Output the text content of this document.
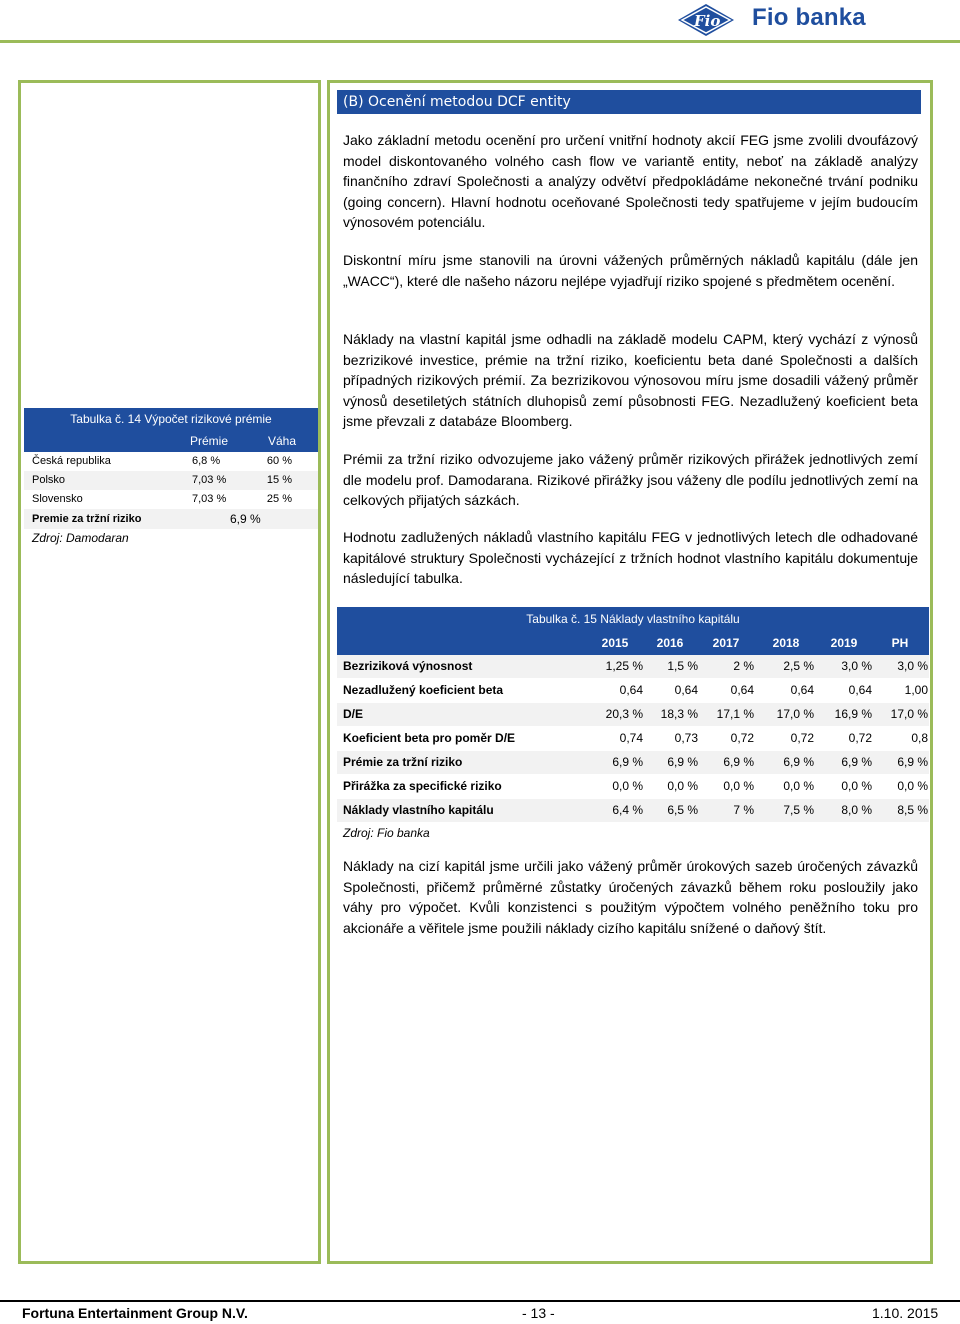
Fio Fio banka
(B) Ocenění metodou DCF entity

Jako základní metodu ocenění pro určení vnitřní hodnoty akcií FEG jsme zvolili dvoufázový model diskontovaného volného cash flow ve variantě entity, neboť na základě analýzy finančního zdraví Společnosti a analýzy odvětví předpokládáme nekonečné trvání podniku (going concern). Hlavní hodnotu oceňované Společnosti tedy spatřujeme v jejím budoucím výnosovém potenciálu.

Diskontní míru jsme stanovili na úrovni vážených průměrných nákladů kapitálu (dále jen „WACC“), které dle našeho názoru nejlépe vyjadřují riziko spojené s předmětem ocenění.

Náklady na vlastní kapitál jsme odhadli na základě modelu CAPM, který vychází z výnosů bezrizikové investice, prémie na tržní riziko, koeficientu beta dané Společnosti a dalších případných rizikových prémií. Za bezrizikovou výnosovou míru jsme dosadili vážený průměr výnosů desetiletých státních dluhopisů zemí působnosti FEG. Nezadlužený koeficient beta jsme převzali z databáze Bloomberg.

Prémii za tržní riziko odvozujeme jako vážený průměr rizikových přirážek jednotlivých zemí dle modelu prof. Damodarana. Rizikové přirážky jsou váženy dle podílu jednotlivých zemí na celkových přijatých sázkách.

Hodnotu zadlužených nákladů vlastního kapitálu FEG v jednotlivých letech dle odhadované kapitálové struktury Společnosti vycházející z tržních hodnot vlastního kapitálu dokumentuje následující tabulka.

Náklady na cizí kapitál jsme určili jako vážený průměr úrokových sazeb úročených závazků Společnosti, přičemž průměrné zůstatky úročených závazků během roku posloužily jako váhy pro výpočet. Kvůli konzistenci s použitým výpočtem volného peněžního toku pro akcionáře a věřitele jsme použili náklady cizího kapitálu snížené o daňový štít.

Tabulka č. 14 Výpočet rizikové prémie
Prémie	Váha
Česká republika	6,8 %	60 %
Polsko	7,03 %	15 %
Slovensko	7,03 %	25 %
Premie za tržní riziko	6,9 %
Zdroj: Damodaran
Tabulka č. 15 Náklady vlastního kapitálu
2015	2016	2017	2018	2019	PH
Bezriziková výnosnost	1,25 %	1,5 %	2 %	2,5 %	3,0 %	3,0 %
Nezadlužený koeficient beta	0,64	0,64	0,64	0,64	0,64	1,00
D/E	20,3 %	18,3 %	17,1 %	17,0 %	16,9 %	17,0 %
Koeficient beta pro poměr D/E	0,74	0,73	0,72	0,72	0,72	0,8
Prémie za tržní riziko	6,9 %	6,9 %	6,9 %	6,9 %	6,9 %	6,9 %
Přirážka za specifické riziko	0,0 %	0,0 %	0,0 %	0,0 %	0,0 %	0,0 %
Náklady vlastního kapitálu	6,4 %	6,5 %	7 %	7,5 %	8,0 %	8,5 %
Zdroj: Fio banka
Fortuna Entertainment Group N.V.	- 13 -	1.10. 2015
